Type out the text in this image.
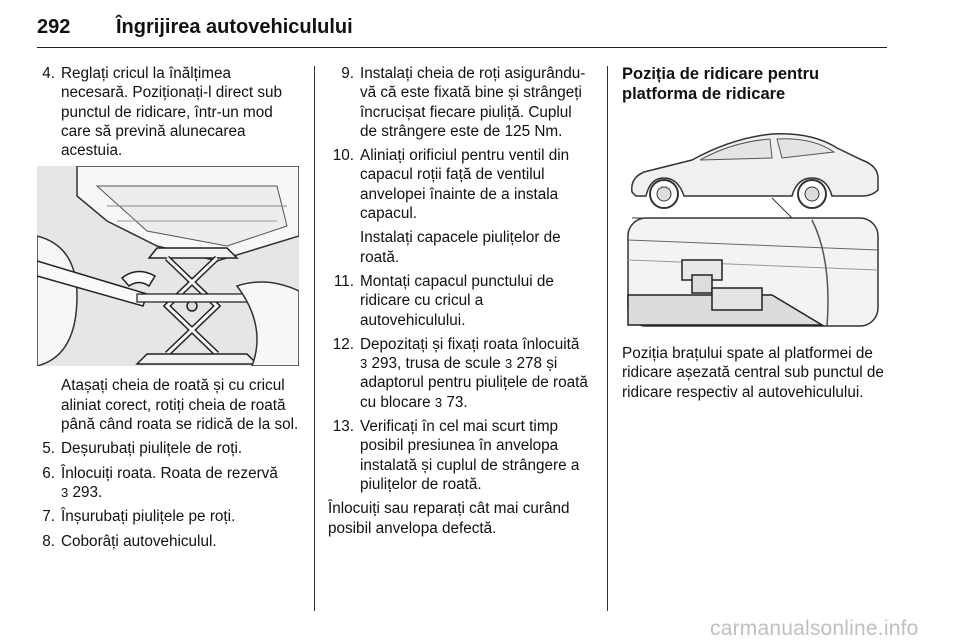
292 Îngrijirea autovehiculului
4. Reglați cricul la înălțimea necesară. Poziționați-l direct sub punctul de ridicare, într-un mod care să prevină alunecarea acestuia.
Atașați cheia de roată și cu cricul aliniat corect, rotiți cheia de roată până când roata se ridică de la sol.
5. Deșurubați piulițele de roți.
6. Înlocuiți roata. Roata de rezervă
3 293.
7. Înșurubați piulițele pe roți.
8. Coborâți autovehiculul.
9. Instalați cheia de roți asigurându-vă că este fixată bine și strângeți încrucișat fiecare piuliță. Cuplul de strângere este de 125 Nm.
10. Aliniați orificiul pentru ventil din capacul roții față de ventilul anvelopei înainte de a instala capacul.
Instalați capacele piulițelor de roată.
11. Montați capacul punctului de ridicare cu cricul a autovehiculului.
12. Depozitați și fixați roata înlocuită
3 293, trusa de scule 3 278 și adaptorul pentru piulițele de roată cu blocare 3 73.
13. Verificați în cel mai scurt timp posibil presiunea în anvelopa instalată și cuplul de strângere a piulițelor de roată.
Înlocuiți sau reparați cât mai curând posibil anvelopa defectă.
Poziția de ridicare pentru platforma de ridicare
Poziția brațului spate al platformei de ridicare așezată central sub punctul de ridicare respectiv al autovehiculului.
carmanualsonline.info
